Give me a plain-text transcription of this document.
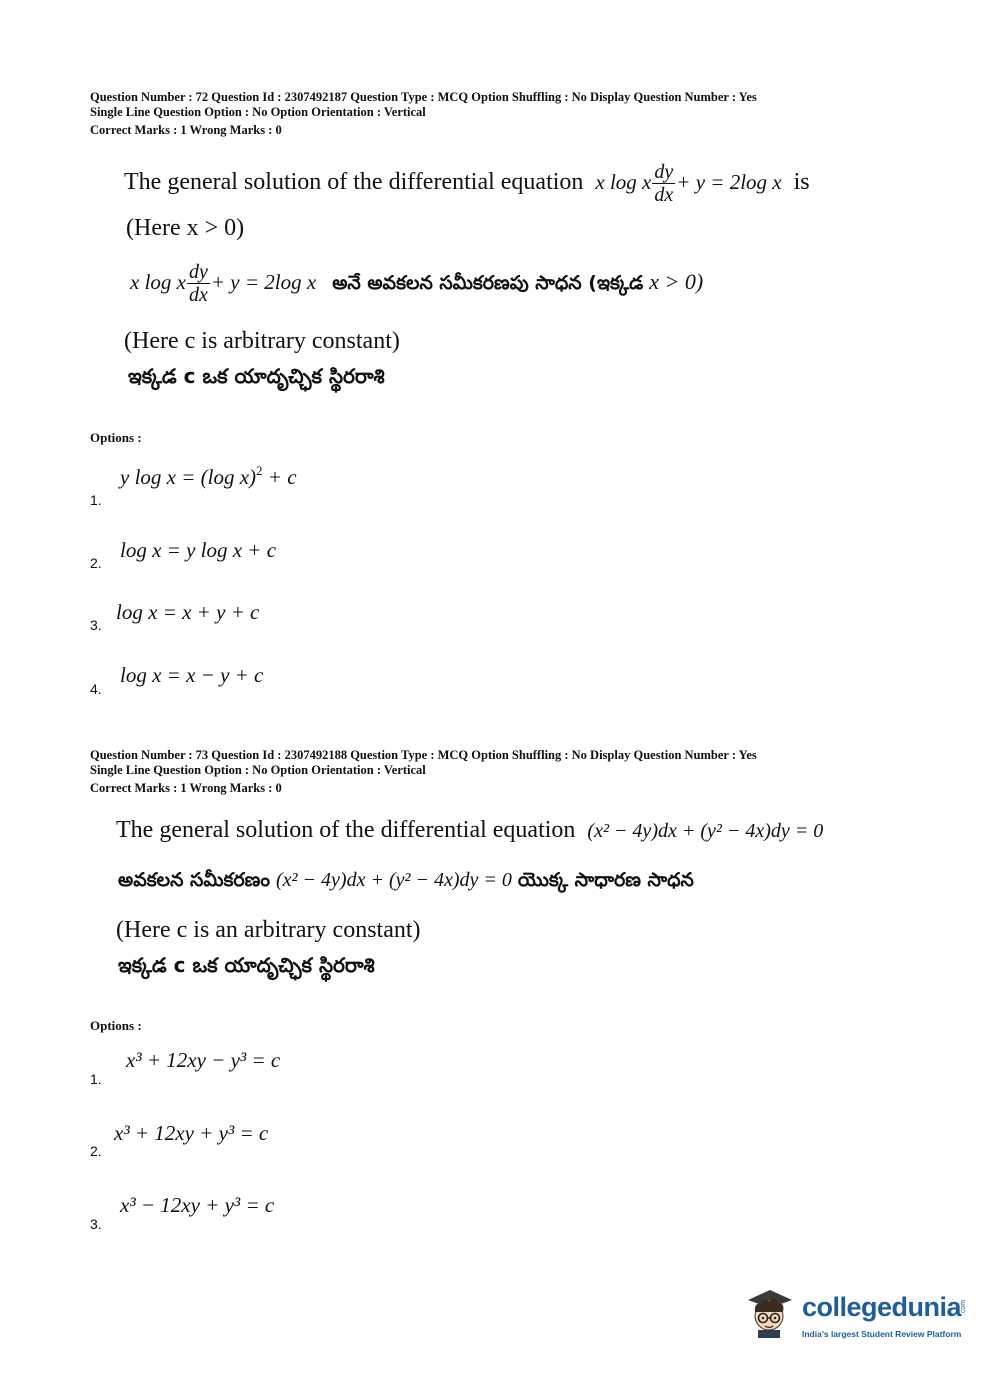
Question Number : 72 Question Id : 2307492187 Question Type : MCQ Option Shuffling : No Display Question Number : Yes
Single Line Question Option : No Option Orientation : Vertical
Correct Marks : 1 Wrong Marks : 0
The general solution of the differential equation x log x $\frac{dy}{dx} + y = 2\log$ x is
(Here x > 0)
x log x $\frac{dy}{dx} + y = 2\log$ x అనే అవకలన సమీకరణపు సాధన (ఇక్కడ x > 0)
(Here c is arbitrary constant)
ఇక్కడ c ఒక యాదృచ్ఛిక స్థిరరాశి
Options :
1.
y log x = (log x)$^2$ + c
2.
log x = y log x + c
3.
log x = x + y + c
4.
log x = x − y + c
Question Number : 73 Question Id : 2307492188 Question Type : MCQ Option Shuffling : No Display Question Number : Yes
Single Line Question Option : No Option Orientation : Vertical
Correct Marks : 1 Wrong Marks : 0
The general solution of the differential equation (x² − 4y)dx + (y² − 4x)dy = 0
అవకలన సమీకరణం (x² − 4y)dx + (y² − 4x)dy = 0 యొక్క సాధారణ సాధన
(Here c is an arbitrary constant)
ఇక్కడ c ఒక యాదృచ్ఛిక స్థిరరాశి
Options :
1.
x³ + 12xy − y³ = c
2.
x³ + 12xy + y³ = c
3.
x³ − 12xy + y³ = c
collegedunia .com
India's largest Student Review Platform
